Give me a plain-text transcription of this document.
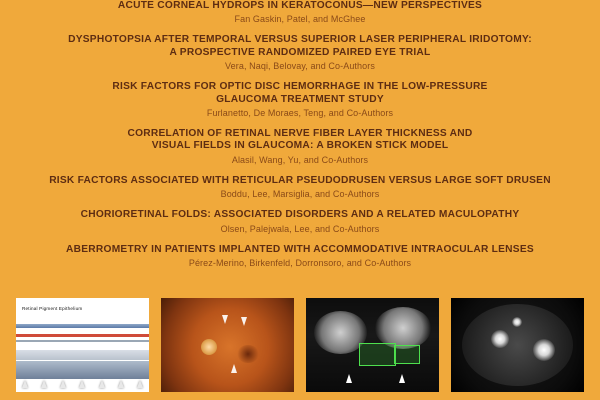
ACUTE CORNEAL HYDROPS IN KERATOCONUS—NEW PERSPECTIVES
Fan Gaskin, Patel, and McGhee
DYSPHOTOPSIA AFTER TEMPORAL VERSUS SUPERIOR LASER PERIPHERAL IRIDOTOMY:
A PROSPECTIVE RANDOMIZED PAIRED EYE TRIAL
Vera, Naqi, Belovay, and Co-Authors
RISK FACTORS FOR OPTIC DISC HEMORRHAGE IN THE LOW-PRESSURE
GLAUCOMA TREATMENT STUDY
Furlanetto, De Moraes, Teng, and Co-Authors
CORRELATION OF RETINAL NERVE FIBER LAYER THICKNESS AND
VISUAL FIELDS IN GLAUCOMA: A BROKEN STICK MODEL
Alasil, Wang, Yu, and Co-Authors
RISK FACTORS ASSOCIATED WITH RETICULAR PSEUDODRUSEN VERSUS LARGE SOFT DRUSEN
Boddu, Lee, Marsiglia, and Co-Authors
CHORIORETINAL FOLDS: ASSOCIATED DISORDERS AND A RELATED MACULOPATHY
Olsen, Palejwala, Lee, and Co-Authors
ABERROMETRY IN PATIENTS IMPLANTED WITH ACCOMMODATIVE INTRAOCULAR LENSES
Pérez-Merino, Birkenfeld, Dorronsoro, and Co-Authors
Retinal Pigment Epithelium
